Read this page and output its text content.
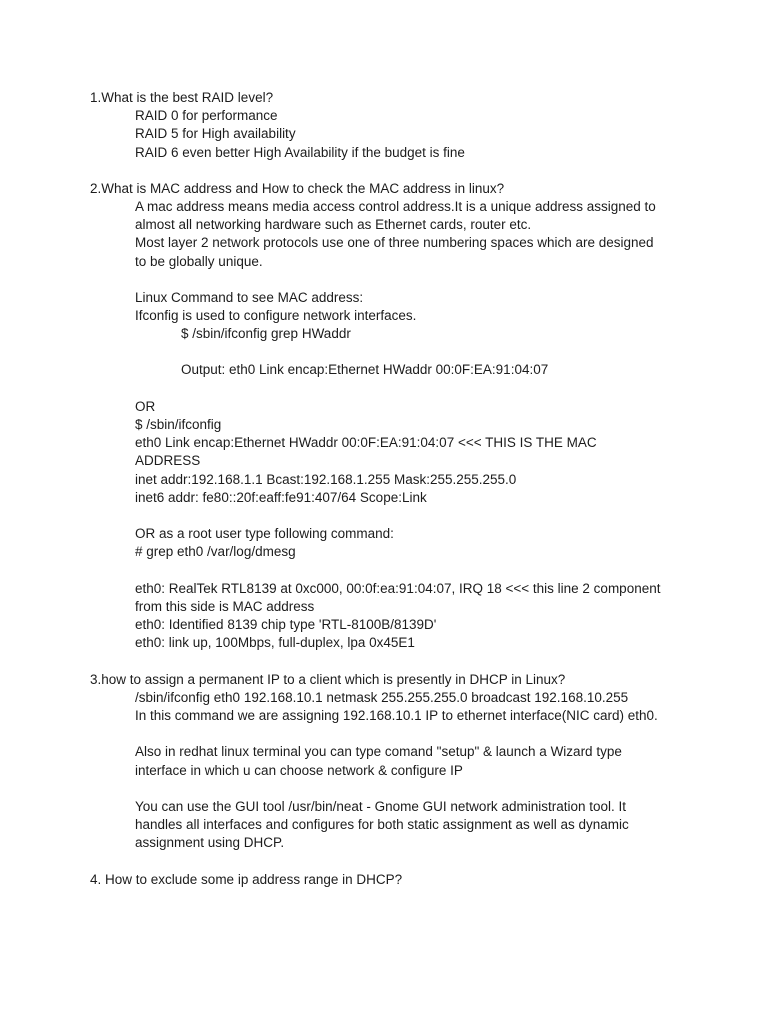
1.What is the best RAID level?
RAID 0 for performance
RAID 5 for High availability
RAID 6 even better High Availability if the budget is fine
2.What is MAC address and How to check the MAC address in linux?
A mac address means media access control address.It is a unique address assigned to
almost all networking hardware such as Ethernet cards, router etc.
Most layer 2 network protocols use one of three numbering spaces which are designed
to be globally unique.
Linux Command to see MAC address:
Ifconfig is used to configure network interfaces.
$ /sbin/ifconfig grep HWaddr
Output: eth0 Link encap:Ethernet HWaddr 00:0F:EA:91:04:07
OR
$ /sbin/ifconfig
eth0 Link encap:Ethernet HWaddr 00:0F:EA:91:04:07 <<< THIS IS THE MAC
ADDRESS
inet addr:192.168.1.1 Bcast:192.168.1.255 Mask:255.255.255.0
inet6 addr: fe80::20f:eaff:fe91:407/64 Scope:Link
OR as a root user type following command:
# grep eth0 /var/log/dmesg
eth0: RealTek RTL8139 at 0xc000, 00:0f:ea:91:04:07, IRQ 18 <<< this line 2 component
from this side is MAC address
eth0: Identified 8139 chip type 'RTL-8100B/8139D'
eth0: link up, 100Mbps, full-duplex, lpa 0x45E1
3.how to assign a permanent IP to a client which is presently in DHCP in Linux?
/sbin/ifconfig eth0 192.168.10.1 netmask 255.255.255.0 broadcast 192.168.10.255
In this command we are assigning 192.168.10.1 IP to ethernet interface(NIC card) eth0.
Also in redhat linux terminal you can type comand "setup" & launch a Wizard type
interface in which u can choose network & configure IP
You can use the GUI tool /usr/bin/neat - Gnome GUI network administration tool. It
handles all interfaces and configures for both static assignment as well as dynamic
assignment using DHCP.
4. How to exclude some ip address range in DHCP?
